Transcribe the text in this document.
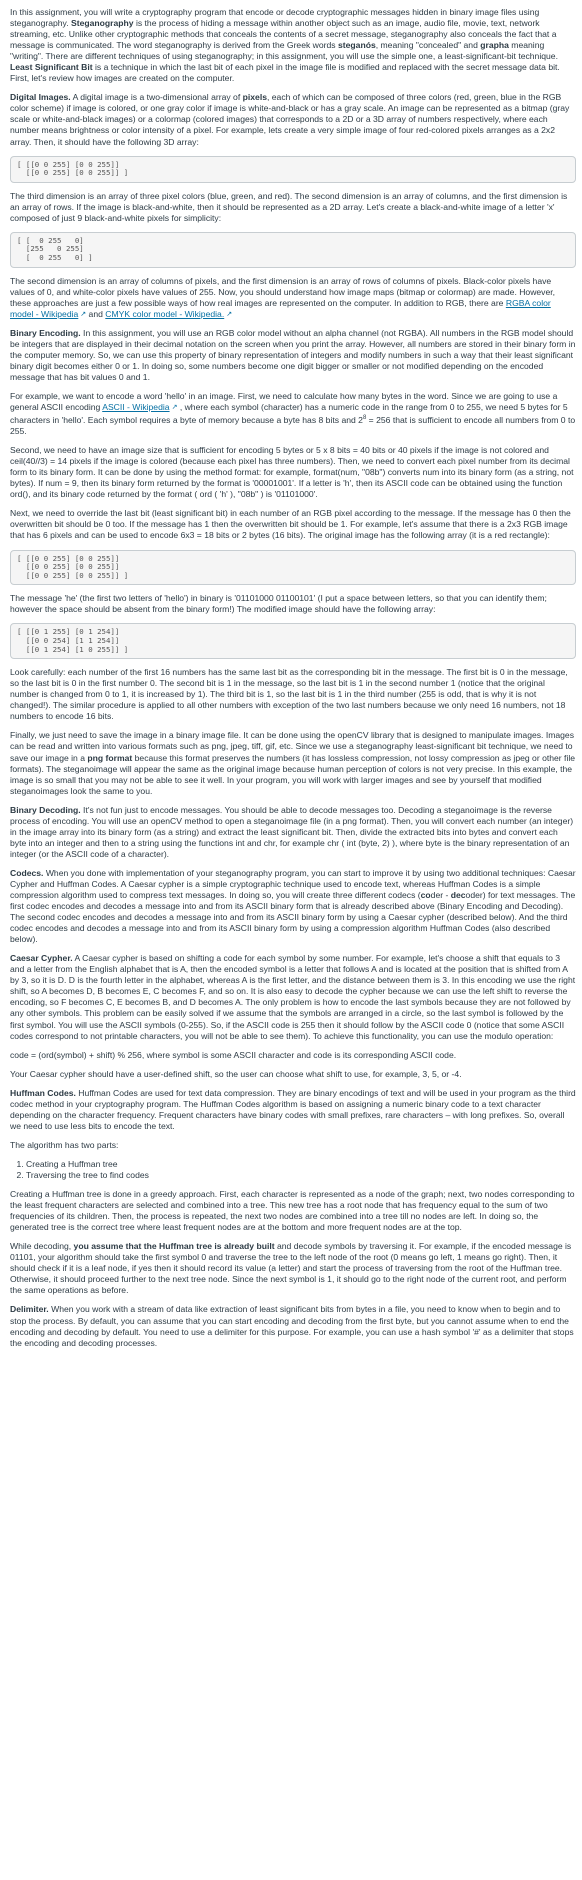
In this assignment, you will write a cryptography program that encode or decode cryptographic messages hidden in binary image files using steganography. Steganography is the process of hiding a message within another object such as an image, audio file, movie, text, network streaming, etc. Unlike other cryptographic methods that conceals the contents of a secret message, steganography also conceals the fact that a message is communicated. The word steganography is derived from the Greek words steganós, meaning "concealed" and grapha meaning "writing". There are different techniques of using steganography; in this assignment, you will use the simple one, a least-significant-bit technique. Least Significant Bit is a technique in which the last bit of each pixel in the image file is modified and replaced with the secret message data bit. First, let's review how images are created on the computer.

Digital Images. A digital image is a two-dimensional array of pixels, each of which can be composed of three colors (red, green, blue in the RGB color scheme) if image is colored, or one gray color if image is white-and-black or has a gray scale. An image can be represented as a bitmap (gray scale or white-and-black images) or a colormap (colored images) that corresponds to a 2D or a 3D array of numbers respectively, where each number means brightness or color intensity of a pixel. For example, lets create a very simple image of four red-colored pixels arranges as a 2x2 array. Then, it should have the following 3D array:

[ [[0 0 255] [0 0 255]]
[[0 0 255] [0 0 255]] ]

The third dimension is an array of three pixel colors (blue, green, and red). The second dimension is an array of columns, and the first dimension is an array of rows. If the image is black-and-white, then it should be represented as a 2D array. Let's create a black-and-white image of a letter 'x' composed of just 9 black-and-white pixels for simplicity:

[ [  0 255   0]
[255   0 255]
[  0 255   0] ]

The second dimension is an array of columns of pixels, and the first dimension is an array of rows of columns of pixels. Black-color pixels have values of 0, and white-color pixels have values of 255. Now, you should understand how image maps (bitmap or colormap) are made. However, these approaches are just a few possible ways of how real images are represented on the computer. In addition to RGB, there are RGBA color model - Wikipedia ↗ and CMYK color model - Wikipedia. ↗

Binary Encoding. In this assignment, you will use an RGB color model without an alpha channel (not RGBA). All numbers in the RGB model should be integers that are displayed in their decimal notation on the screen when you print the array. However, all numbers are stored in their binary form in the computer memory. So, we can use this property of binary representation of integers and modify numbers in such a way that their least significant binary digit becomes either 0 or 1. In doing so, some numbers become one digit bigger or smaller or not modified depending on the encoded message that has bit values 0 and 1.

For example, we want to encode a word 'hello' in an image. First, we need to calculate how many bytes in the word. Since we are going to use a general ASCII encoding ASCII - Wikipedia ↗ , where each symbol (character) has a numeric code in the range from 0 to 255, we need 5 bytes for 5 characters in 'hello'. Each symbol requires a byte of memory because a byte has 8 bits and $2^8 = 256$ that is sufficient to encode all numbers from 0 to 255.

Second, we need to have an image size that is sufficient for encoding 5 bytes or 5 x 8 bits = 40 bits or 40 pixels if the image is not colored and ceil(40//3) = 14 pixels if the image is colored (because each pixel has three numbers). Then, we need to convert each pixel number from its decimal form to its binary form. It can be done by using the method format: for example, format(num, "08b") converts num into its binary form (as a string, not bytes). If num = 9, then its binary form returned by the format is '00001001'. If a letter is 'h', then its ASCII code can be obtained using the function ord(), and its binary code returned by the format ( ord ( 'h' ), "08b" ) is '01101000'.

Next, we need to override the last bit (least significant bit) in each number of an RGB pixel according to the message. If the message has 0 then the overwritten bit should be 0 too. If the message has 1 then the overwritten bit should be 1. For example, let's assume that there is a 2x3 RGB image that has 6 pixels and can be used to encode 6x3 = 18 bits or 2 bytes (16 bits). The original image has the following array (it is a red rectangle):

[ [[0 0 255] [0 0 255]]
[[0 0 255] [0 0 255]]
[[0 0 255] [0 0 255]] ]

The message 'he' (the first two letters of 'hello') in binary is '01101000 01100101' (I put a space between letters, so that you can identify them; however the space should be absent from the binary form!) The modified image should have the following array:

[ [[0 1 255] [0 1 254]]
[[0 0 254] [1 1 254]]
[[0 1 254] [1 0 255]] ]

Look carefully: each number of the first 16 numbers has the same last bit as the corresponding bit in the message. The first bit is 0 in the message, so the last bit is 0 in the first number 0. The second bit is 1 in the message, so the last bit is 1 in the second number 1 (notice that the original number is changed from 0 to 1, it is increased by 1). The third bit is 1, so the last bit is 1 in the third number (255 is odd, that is why it is not changed!). The similar procedure is applied to all other numbers with exception of the two last numbers because we only need 16 numbers, not 18 numbers to encode 16 bits.

Finally, we just need to save the image in a binary image file. It can be done using the openCV library that is designed to manipulate images. Images can be read and written into various formats such as png, jpeg, tiff, gif, etc. Since we use a steganography least-significant bit technique, we need to save our image in a png format because this format preserves the numbers (it has lossless compression, not lossy compression as jpeg or other file formats). The steganoimage will appear the same as the original image because human perception of colors is not very precise. In this example, the image is so small that you may not be able to see it well. In your program, you will work with larger images and see by yourself that modified steganoimages look the same to you.

Binary Decoding. It's not fun just to encode messages. You should be able to decode messages too. Decoding a steganoimage is the reverse process of encoding. You will use an openCV method to open a steganoimage file (in a png format). Then, you will convert each number (an integer) in the image array into its binary form (as a string) and extract the least significant bit. Then, divide the extracted bits into bytes and convert each byte into an integer and then to a string using the functions int and chr, for example chr ( int (byte, 2) ), where byte is the binary representation of an integer (or the ASCII code of a character).

Codecs. When you done with implementation of your steganography program, you can start to improve it by using two additional techniques: Caesar Cypher and Huffman Codes. A Caesar cypher is a simple cryptographic technique used to encode text, whereas Huffman Codes is a simple compression algorithm used to compress text messages. In doing so, you will create three different codecs (coder - decoder) for text messages. The first codec encodes and decodes a message into and from its ASCII binary form that is already described above (Binary Encoding and Decoding). The second codec encodes and decodes a message into and from its ASCII binary form by using a Caesar cypher (described below). And the third codec encodes and decodes a message into and from its ASCII binary form by using a compression algorithm Huffman Codes (also described below).

Caesar Cypher. A Caesar cypher is based on shifting a code for each symbol by some number. For example, let's choose a shift that equals to 3 and a letter from the English alphabet that is A, then the encoded symbol is a letter that follows A and is located at the position that is shifted from A by 3, so it is D. D is the fourth letter in the alphabet, whereas A is the first letter, and the distance between them is 3. In this encoding we use the right shift, so A becomes D, B becomes E, C becomes F, and so on. It is also easy to decode the cypher because we can use the left shift to reverse the encoding, so F becomes C, E becomes B, and D becomes A. The only problem is how to encode the last symbols because they are not followed by any other symbols. This problem can be easily solved if we assume that the symbols are arranged in a circle, so the last symbol is followed by the first symbol. You will use the ASCII symbols (0-255). So, if the ASCII code is 255 then it should follow by the ASCII code 0 (notice that some ASCII codes correspond to not printable characters, you will not be able to see them). To achieve this functionality, you can use the modulo operation:

code = (ord(symbol) + shift) % 256, where symbol is some ASCII character and code is its corresponding ASCII code.

Your Caesar cypher should have a user-defined shift, so the user can choose what shift to use, for example, 3, 5, or -4.

Huffman Codes. Huffman Codes are used for text data compression. They are binary encodings of text and will be used in your program as the third codec method in your cryptography program. The Huffman Codes algorithm is based on assigning a numeric binary code to a text character depending on the character frequency. Frequent characters have binary codes with small prefixes, rare characters – with long prefixes. So, overall we need to use less bits to encode the text.

The algorithm has two parts:

1. Creating a Huffman tree
2. Traversing the tree to find codes

Creating a Huffman tree is done in a greedy approach. First, each character is represented as a node of the graph; next, two nodes corresponding to the least frequent characters are selected and combined into a tree. This new tree has a root node that has frequency equal to the sum of two frequencies of its children. Then, the process is repeated, the next two nodes are combined into a tree till no nodes are left. In doing so, the generated tree is the correct tree where least frequent nodes are at the bottom and more frequent nodes are at the top.

While decoding, you assume that the Huffman tree is already built and decode symbols by traversing it. For example, if the encoded message is 01101, your algorithm should take the first symbol 0 and traverse the tree to the left node of the root (0 means go left, 1 means go right). Then, it should check if it is a leaf node, if yes then it should record its value (a letter) and start the process of traversing from the root of the Huffman tree. Otherwise, it should proceed further to the next tree node. Since the next symbol is 1, it should go to the right node of the current root, and perform the same operations as before.

Delimiter. When you work with a stream of data like extraction of least significant bits from bytes in a file, you need to know when to begin and to stop the process. By default, you can assume that you can start encoding and decoding from the first byte, but you cannot assume when to end the encoding and decoding by default. You need to use a delimiter for this purpose. For example, you can use a hash symbol '#' as a delimiter that stops the encoding and decoding processes.
